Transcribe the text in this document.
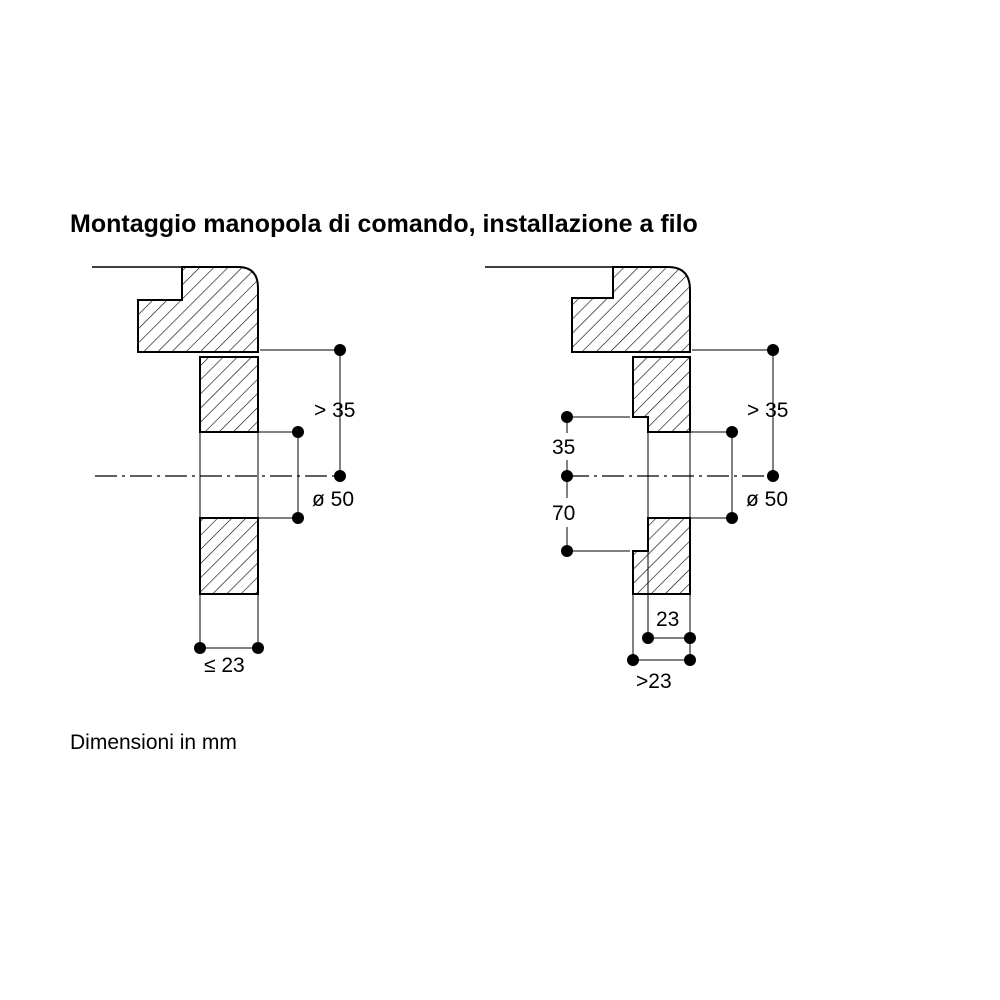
Montaggio manopola di comando, installazione a filo
> 35
ø 50
≤ 23
> 35
ø 50
35
70
23
>23

Dimensioni in mm
